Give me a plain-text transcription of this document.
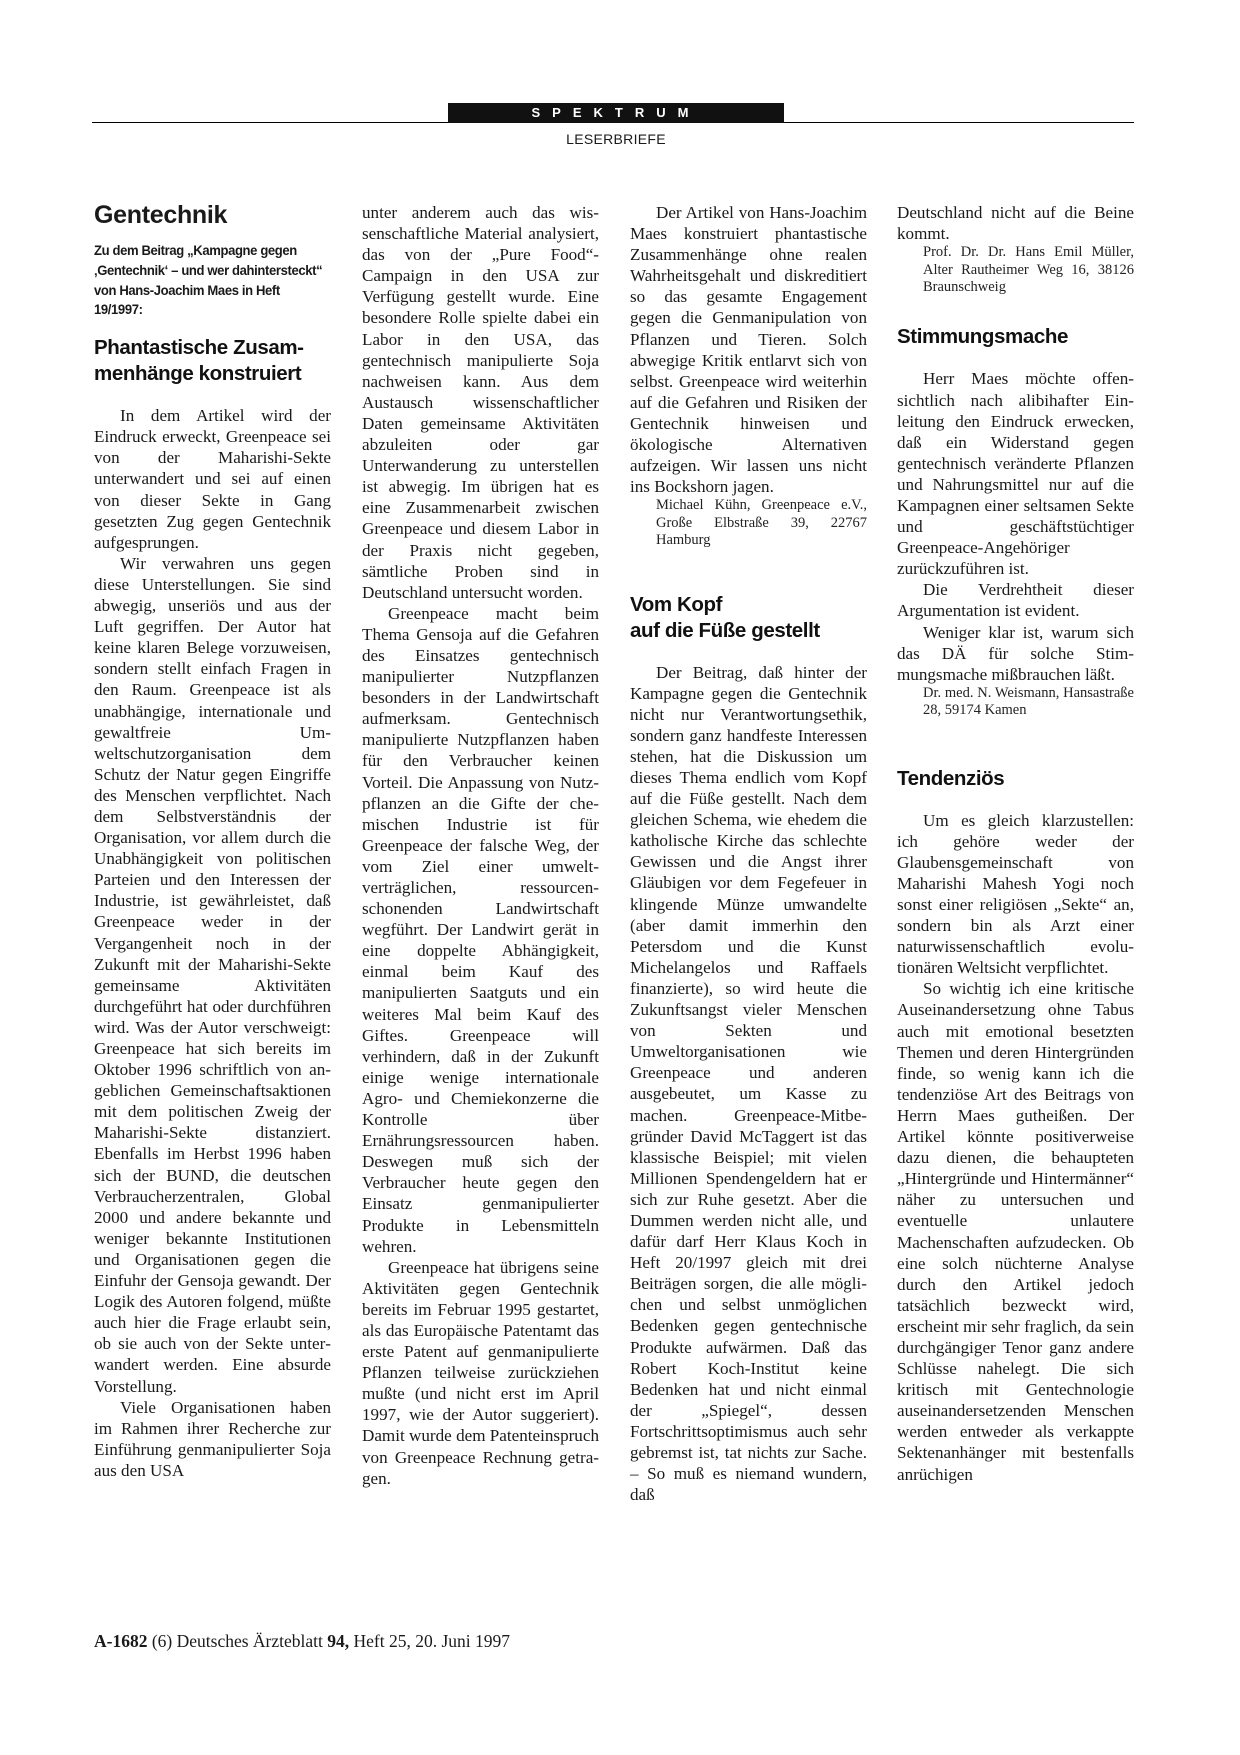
SPEKTRUM
LESERBRIEFE
Gentechnik
Zu dem Beitrag „Kampagne gegen ‚Gentechnik‘ – und wer dahintersteckt“ von Hans-Joachim Maes in Heft 19/1997:
Phantastische Zusam-
menhänge konstruiert

In dem Artikel wird der Eindruck erweckt, Greenpeace sei von der Maharishi-Sekte unterwandert und sei auf einen von dieser Sekte in Gang gesetzten Zug gegen Gentechnik aufgesprungen.

Wir verwahren uns gegen diese Unterstellungen. Sie sind abwegig, unseriös und aus der Luft gegriffen. Der Autor hat keine klaren Belege vorzuweisen, sondern stellt einfach Fragen in den Raum. Greenpeace ist als unabhängige, internationale und gewaltfreie Umweltschutzorganisation dem Schutz der Natur gegen Eingriffe des Menschen verpflichtet. Nach dem Selbstverständnis der Organisation, vor allem durch die Unabhängigkeit von politischen Parteien und den Interessen der Industrie, ist gewährleistet, daß Greenpeace weder in der Vergangenheit noch in der Zukunft mit der Maharishi-Sekte gemeinsame Aktivitäten durchgeführt hat oder durchführen wird. Was der Autor verschweigt: Greenpeace hat sich bereits im Oktober 1996 schriftlich von angeblichen Gemeinschaftsaktionen mit dem politischen Zweig der Maharishi-Sekte distanziert. Ebenfalls im Herbst 1996 haben sich der BUND, die deutschen Verbraucherzentralen, Global 2000 und andere bekannte und weniger bekannte Institutionen und Organisationen gegen die Einfuhr der Gensoja gewandt. Der Logik des Autoren folgend, müßte auch hier die Frage erlaubt sein, ob sie auch von der Sekte unterwandert werden. Eine absurde Vorstellung.

Viele Organisationen haben im Rahmen ihrer Recherche zur Einführung genmanipulierter Soja aus den USA

unter anderem auch das wissenschaftliche Material analysiert, das von der „Pure Food“-Campaign in den USA zur Verfügung gestellt wurde. Eine besondere Rolle spielte dabei ein Labor in den USA, das gentechnisch manipulierte Soja nachweisen kann. Aus dem Austausch wissenschaftlicher Daten gemeinsame Aktivitäten abzuleiten oder gar Unterwanderung zu unterstellen ist abwegig. Im übrigen hat es eine Zusammenarbeit zwischen Greenpeace und diesem Labor in der Praxis nicht gegeben, sämtliche Proben sind in Deutschland untersucht worden.

Greenpeace macht beim Thema Gensoja auf die Gefahren des Einsatzes gentechnisch manipulierter Nutzpflanzen besonders in der Landwirtschaft aufmerksam. Gentechnisch manipulierte Nutzpflanzen haben für den Verbraucher keinen Vorteil. Die Anpassung von Nutzpflanzen an die Gifte der chemischen Industrie ist für Greenpeace der falsche Weg, der vom Ziel einer umweltverträglichen, ressourcenschonenden Landwirtschaft wegführt. Der Landwirt gerät in eine doppelte Abhängigkeit, einmal beim Kauf des manipulierten Saatguts und ein weiteres Mal beim Kauf des Giftes. Greenpeace will verhindern, daß in der Zukunft einige wenige internationale Agro- und Chemiekonzerne die Kontrolle über Ernährungsressourcen haben. Deswegen muß sich der Verbraucher heute gegen den Einsatz genmanipulierter Produkte in Lebensmitteln wehren.

Greenpeace hat übrigens seine Aktivitäten gegen Gentechnik bereits im Februar 1995 gestartet, als das Europäische Patentamt das erste Patent auf genmanipulierte Pflanzen teilweise zurückziehen mußte (und nicht erst im April 1997, wie der Autor suggeriert). Damit wurde dem Patenteinspruch von Greenpeace Rechnung getragen.

Der Artikel von Hans-Joachim Maes konstruiert phantastische Zusammenhänge ohne realen Wahrheitsgehalt und diskreditiert so das gesamte Engagement gegen die Genmanipulation von Pflanzen und Tieren. Solch abwegige Kritik entlarvt sich von selbst. Greenpeace wird weiterhin auf die Gefahren und Risiken der Gentechnik hinweisen und ökologische Alternativen aufzeigen. Wir lassen uns nicht ins Bockshorn jagen.

Michael Kühn, Greenpeace e.V., Große Elbstraße 39, 22767 Hamburg

Vom Kopf
auf die Füße gestellt

Der Beitrag, daß hinter der Kampagne gegen die Gentechnik nicht nur Verantwortungsethik, sondern ganz handfeste Interessen stehen, hat die Diskussion um dieses Thema endlich vom Kopf auf die Füße gestellt. Nach dem gleichen Schema, wie ehedem die katholische Kirche das schlechte Gewissen und die Angst ihrer Gläubigen vor dem Fegefeuer in klingende Münze umwandelte (aber damit immerhin den Petersdom und die Kunst Michelangelos und Raffaels finanzierte), so wird heute die Zukunftsangst vieler Menschen von Sekten und Umweltorganisationen wie Greenpeace und anderen ausgebeutet, um Kasse zu machen. Greenpeace-Mitbegründer David McTaggert ist das klassische Beispiel; mit vielen Millionen Spendengeldern hat er sich zur Ruhe gesetzt. Aber die Dummen werden nicht alle, und dafür darf Herr Klaus Koch in Heft 20/1997 gleich mit drei Beiträgen sorgen, die alle möglichen und selbst unmöglichen Bedenken gegen gentechnische Produkte aufwärmen. Daß das Robert Koch-Institut keine Bedenken hat und nicht einmal der „Spiegel“, dessen Fortschrittsoptimismus auch sehr gebremst ist, tat nichts zur Sache. – So muß es niemand wundern, daß

Deutschland nicht auf die Beine kommt.

Prof. Dr. Dr. Hans Emil Müller, Alter Rautheimer Weg 16, 38126 Braunschweig

Stimmungsmache

Herr Maes möchte offensichtlich nach alibihafter Einleitung den Eindruck erwecken, daß ein Widerstand gegen gentechnisch veränderte Pflanzen und Nahrungsmittel nur auf die Kampagnen einer seltsamen Sekte und geschäftstüchtiger Greenpeace-Angehöriger zurückzuführen ist.

Die Verdrehtheit dieser Argumentation ist evident.

Weniger klar ist, warum sich das DÄ für solche Stimmungsmache mißbrauchen läßt.

Dr. med. N. Weismann, Hansastraße 28, 59174 Kamen

Tendenziös

Um es gleich klarzustellen: ich gehöre weder der Glaubensgemeinschaft von Maharishi Mahesh Yogi noch sonst einer religiösen „Sekte“ an, sondern bin als Arzt einer naturwissenschaftlich evolutionären Weltsicht verpflichtet.

So wichtig ich eine kritische Auseinandersetzung ohne Tabus auch mit emotional besetzten Themen und deren Hintergründen finde, so wenig kann ich die tendenziöse Art des Beitrags von Herrn Maes gutheißen. Der Artikel könnte positiverweise dazu dienen, die behaupteten „Hintergründe und Hintermänner“ näher zu untersuchen und eventuelle unlautere Machenschaften aufzudecken. Ob eine solch nüchterne Analyse durch den Artikel jedoch tatsächlich bezweckt wird, erscheint mir sehr fraglich, da sein durchgängiger Tenor ganz andere Schlüsse nahelegt. Die sich kritisch mit Gentechnologie auseinandersetzenden Menschen werden entweder als verkappte Sektenanhänger mit bestenfalls anrüchigen

A-1682 (6) Deutsches Ärzteblatt 94, Heft 25, 20. Juni 1997
